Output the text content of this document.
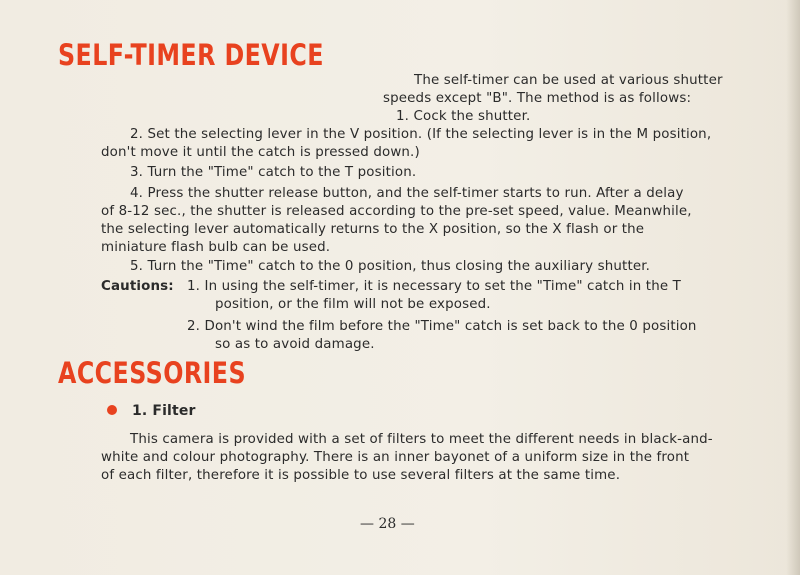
SELF-TIMER DEVICE
The self-timer can be used at various shutter
speeds except "B". The method is as follows:
1. Cock the shutter.
2. Set the selecting lever in the V position. (If the selecting lever is in the M position,
don't move it until the catch is pressed down.)
3. Turn the "Time" catch to the T position.
4. Press the shutter release button, and the self-timer starts to run. After a delay
of 8-12 sec., the shutter is released according to the pre-set speed, value. Meanwhile,
the selecting lever automatically returns to the X position, so the X flash or the
miniature flash bulb can be used.
5. Turn the "Time" catch to the 0 position, thus closing the auxiliary shutter.
Cautions: 1. In using the self-timer, it is necessary to set the "Time" catch in the T
position, or the film will not be exposed.
2. Don't wind the film before the "Time" catch is set back to the 0 position
so as to avoid damage.
ACCESSORIES
1. Filter
This camera is provided with a set of filters to meet the different needs in black-and-
white and colour photography. There is an inner bayonet of a uniform size in the front
of each filter, therefore it is possible to use several filters at the same time.
— 28 —
